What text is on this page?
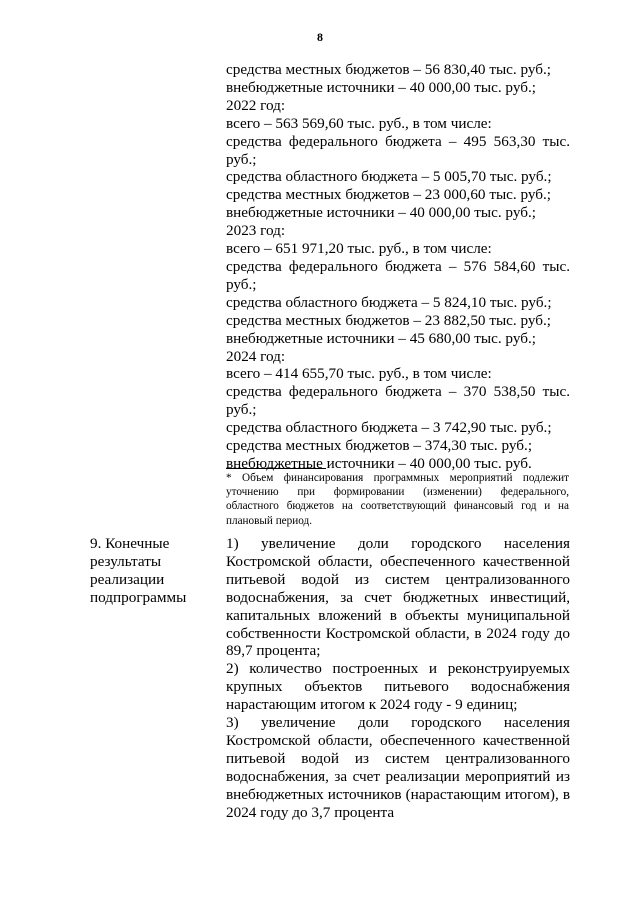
8
средства местных бюджетов – 56 830,40 тыс. руб.;
внебюджетные источники – 40 000,00 тыс. руб.;
2022 год:
всего – 563 569,60 тыс. руб., в том числе:
средства федерального бюджета – 495 563,30 тыс.
руб.;
средства областного бюджета – 5 005,70 тыс. руб.;
средства местных бюджетов – 23 000,60 тыс. руб.;
внебюджетные источники – 40 000,00 тыс. руб.;
2023 год:
всего – 651 971,20 тыс. руб., в том числе:
средства федерального бюджета – 576 584,60 тыс.
руб.;
средства областного бюджета – 5 824,10 тыс. руб.;
средства местных бюджетов – 23 882,50 тыс. руб.;
внебюджетные источники – 45 680,00 тыс. руб.;
2024 год:
всего – 414 655,70 тыс. руб., в том числе:
средства федерального бюджета – 370 538,50 тыс.
руб.;
средства областного бюджета – 3 742,90 тыс. руб.;
средства местных бюджетов – 374,30 тыс. руб.;
внебюджетные источники – 40 000,00 тыс. руб.
* Объем финансирования программных мероприятий подлежит
уточнению при формировании (изменении) федерального,
областного бюджетов на соответствующий финансовый год и на
плановый период.
9. Конечные
результаты
реализации
подпрограммы
1) увеличение доли городского населения
Костромской области, обеспеченного качественной
питьевой водой из систем централизованного
водоснабжения, за счет бюджетных инвестиций,
капитальных вложений в объекты муниципальной
собственности Костромской области, в 2024 году до
89,7 процента;
2) количество построенных и реконструируемых
крупных объектов питьевого водоснабжения
нарастающим итогом к 2024 году - 9 единиц;
3) увеличение доли городского населения
Костромской области, обеспеченного качественной
питьевой водой из систем централизованного
водоснабжения, за счет реализации мероприятий из
внебюджетных источников (нарастающим итогом), в
2024 году до 3,7 процента
